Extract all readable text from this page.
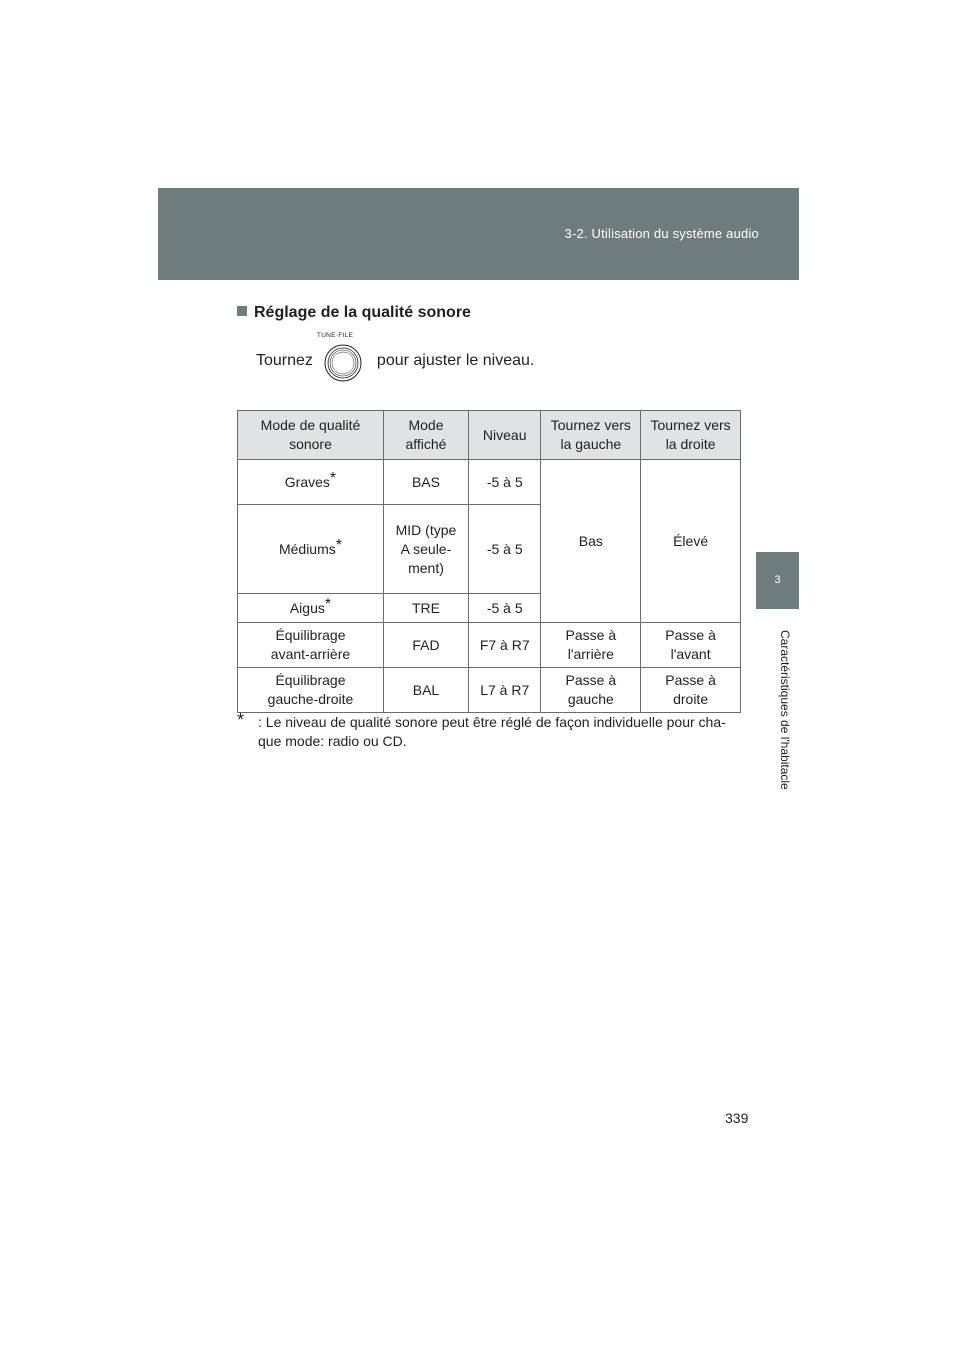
3-2. Utilisation du système audio
3
Caractéristiques de l'habitacle
Réglage de la qualité sonore
Tournez
TUNE·FILE
pour ajuster le niveau.
Mode de qualité sonore	Mode affiché	Niveau	Tournez vers la gauche	Tournez vers la droite
Graves*	BAS	-5 à 5	Bas	Élevé
Médiums*	MID (type A seule- ment)	-5 à 5		
Aigus*	TRE	-5 à 5		
Équilibrage avant-arrière	FAD	F7 à R7	Passe à l'arrière	Passe à l'avant
Équilibrage gauche-droite	BAL	L7 à R7	Passe à gauche	Passe à droite
* : Le niveau de qualité sonore peut être réglé de façon individuelle pour cha- que mode: radio ou CD.
339
